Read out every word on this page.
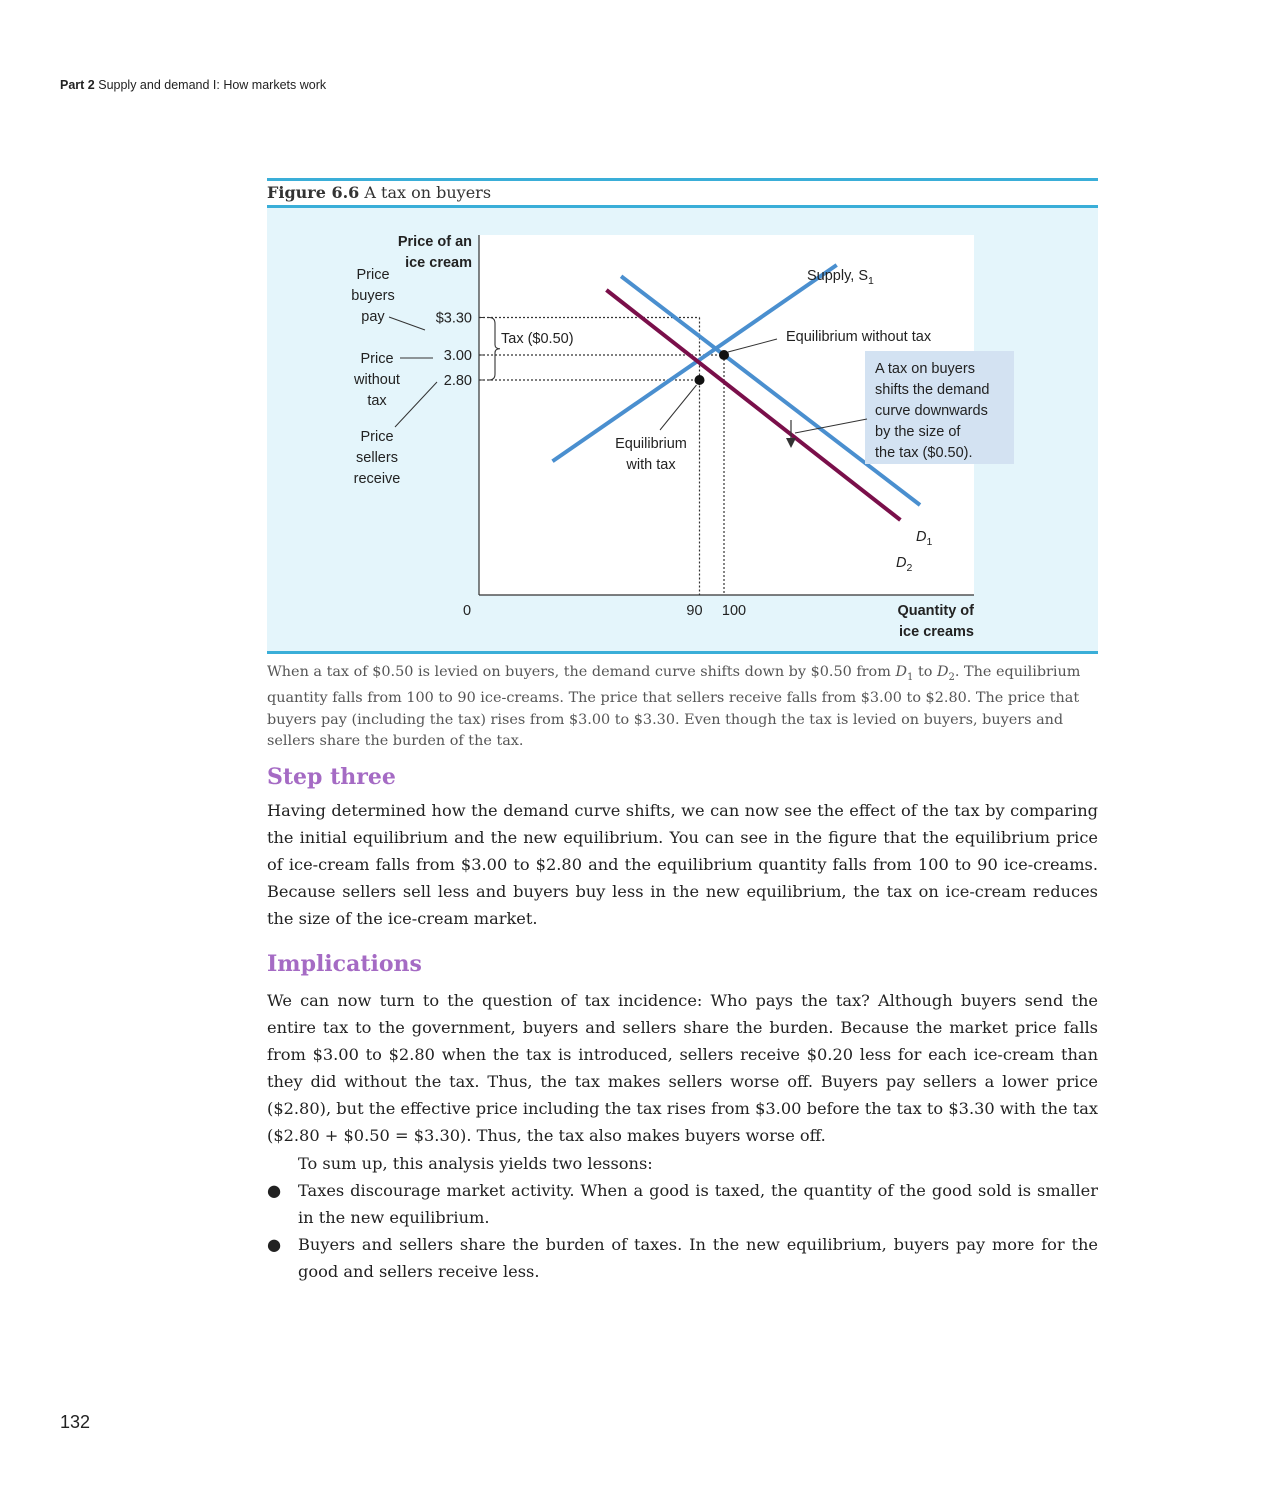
Part 2 Supply and demand I: How markets work
Figure 6.6 A tax on buyers
Price of an
ice cream
Quantity of
ice creams
0
$3.30
3.00
2.80
90 100
Supply, $S_1$
$D_1$
$D_2$
Price
buyers
pay
Price
without
tax
Price
sellers
receive
Tax ($0.50)	Equilibrium without tax
Equilibrium
with tax
A tax on buyers
shifts the demand
curve downwards
by the size of
the tax ($0.50).
When a tax of $0.50 is levied on buyers, the demand curve shifts down by $0.50 from $D_1$ to $D_2$. The equilibrium quantity falls from 100 to 90 ice-creams. The price that sellers receive falls from $3.00 to $2.80. The price that buyers pay (including the tax) rises from $3.00 to $3.30. Even though the tax is levied on buyers, buyers and sellers share the burden of the tax.
Step three

Having determined how the demand curve shifts, we can now see the effect of the tax by comparing the initial equilibrium and the new equilibrium. You can see in the figure that the equilibrium price of ice-cream falls from $3.00 to $2.80 and the equilibrium quantity falls from 100 to 90 ice-creams. Because sellers sell less and buyers buy less in the new equilibrium, the tax on ice-cream reduces the size of the ice-cream market.

Implications

We can now turn to the question of tax incidence: Who pays the tax? Although buyers send the entire tax to the government, buyers and sellers share the burden. Because the market price falls from $3.00 to $2.80 when the tax is introduced, sellers receive $0.20 less for each ice-cream than they did without the tax. Thus, the tax makes sellers worse off. Buyers pay sellers a lower price ($2.80), but the effective price including the tax rises from $3.00 before the tax to $3.30 with the tax ($2.80 + $0.50 = $3.30). Thus, the tax also makes buyers worse off.

To sum up, this analysis yields two lessons:

● Taxes discourage market activity. When a good is taxed, the quantity of the good sold is smaller in the new equilibrium.
● Buyers and sellers share the burden of taxes. In the new equilibrium, buyers pay more for the good and sellers receive less.
132
